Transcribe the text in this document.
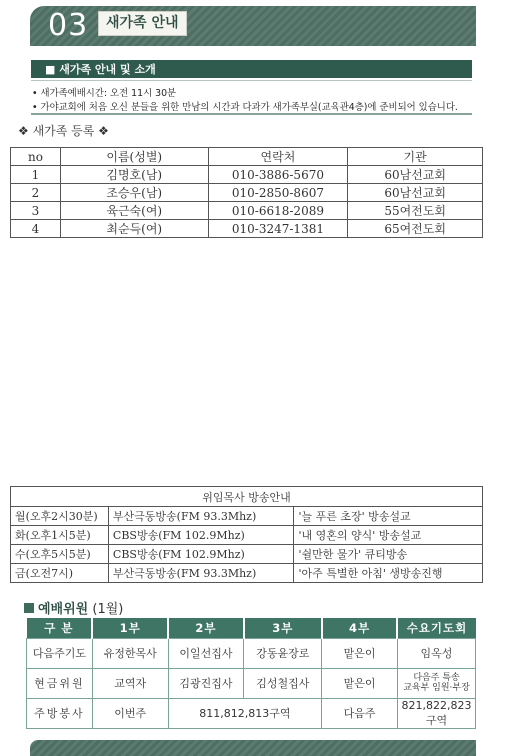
03	새가족 안내
■ 새가족 안내 및 소개
• 새가족예배시간: 오전 11시 30분
• 가야교회에 처음 오신 분들을 위한 만남의 시간과 다과가 새가족부실(교육관4층)에 준비되어 있습니다.
❖ 새가족 등록 ❖
no	이름(성별)	연락처	기관
1	김명호(남)	010-3886-5670	60남선교회
2	조승우(남)	010-2850-8607	60남선교회
3	육근숙(여)	010-6618-2089	55여전도회
4	최순득(여)	010-3247-1381	65여전도회
위임목사 방송안내		
월(오후2시30분)	부산극동방송(FM 93.3Mhz)	'늘 푸른 초장' 방송설교
화(오후1시5분)	CBS방송(FM 102.9Mhz)	'내 영혼의 양식' 방송설교
수(오후5시5분)	CBS방송(FM 102.9Mhz)	'쉴만한 물가' 큐티방송
금(오전7시)	부산극동방송(FM 93.3Mhz)	'아주 특별한 아침' 생방송진행
예배위원 (1월)
구 분	1부	2부	3부	4부	수요기도회
다음주기도	유정한목사	이일선집사	강동윤장로	맡은이	임옥성
현금위원	교역자	김광진집사	김성철집사	맡은이	다음주 특송
교육부 임원·부장

주방봉사	이번주	811,812,813구역		다음주	821,822,823구역
